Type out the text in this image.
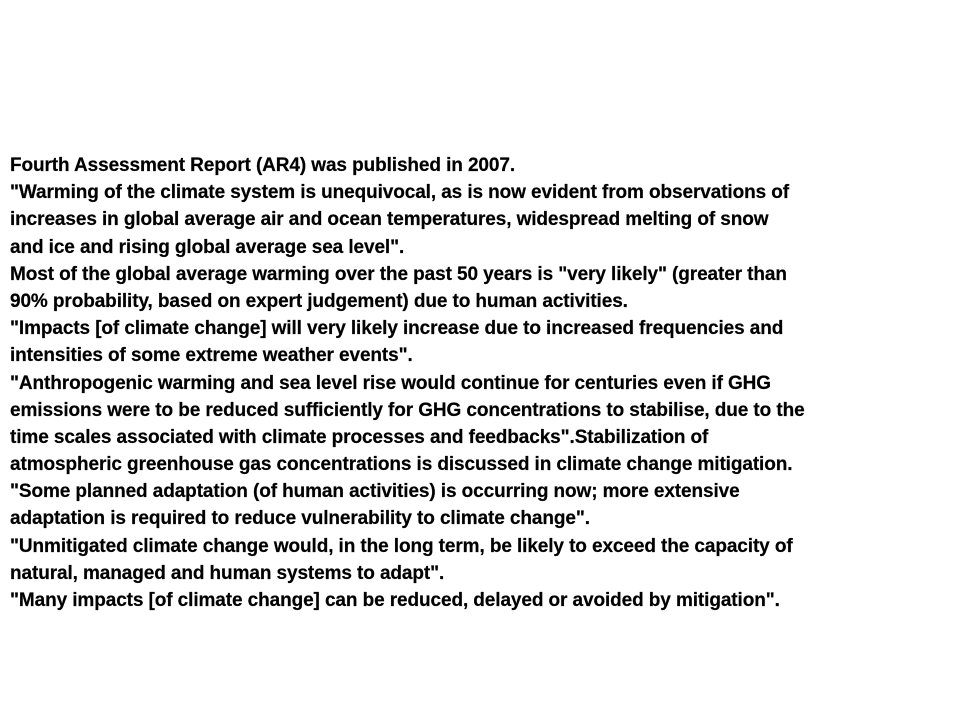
Fourth Assessment Report (AR4) was published in 2007.
"Warming of the climate system is unequivocal, as is now evident from observations of
increases in global average air and ocean temperatures, widespread melting of snow
and ice and rising global average sea level".
Most of the global average warming over the past 50 years is "very likely" (greater than
90% probability, based on expert judgement) due to human activities.
"Impacts [of climate change] will very likely increase due to increased frequencies and
intensities of some extreme weather events".
"Anthropogenic warming and sea level rise would continue for centuries even if GHG
emissions were to be reduced sufficiently for GHG concentrations to stabilise, due to the
time scales associated with climate processes and feedbacks".Stabilization of
atmospheric greenhouse gas concentrations is discussed in climate change mitigation.
"Some planned adaptation (of human activities) is occurring now; more extensive
adaptation is required to reduce vulnerability to climate change".
"Unmitigated climate change would, in the long term, be likely to exceed the capacity of
natural, managed and human systems to adapt".
"Many impacts [of climate change] can be reduced, delayed or avoided by mitigation".
